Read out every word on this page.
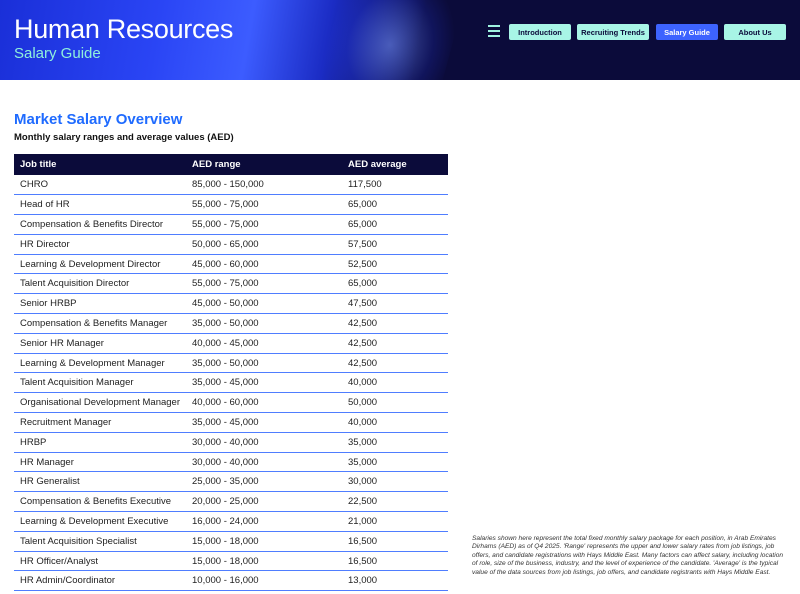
Human Resources
Salary Guide
Introduction	Recruiting Trends	Salary Guide	About Us
Market Salary Overview
Monthly salary ranges and average values (AED)
Job title	AED range	AED average
CHRO	85,000 - 150,000	117,500
Head of HR	55,000 - 75,000	65,000
Compensation & Benefits Director	55,000 - 75,000	65,000
HR Director	50,000 - 65,000	57,500
Learning & Development Director	45,000 - 60,000	52,500
Talent Acquisition Director	55,000 - 75,000	65,000
Senior HRBP	45,000 - 50,000	47,500
Compensation & Benefits Manager	35,000 - 50,000	42,500
Senior HR Manager	40,000 - 45,000	42,500
Learning & Development Manager	35,000 - 50,000	42,500
Talent Acquisition Manager	35,000 - 45,000	40,000
Organisational Development Manager	40,000 - 60,000	50,000
Recruitment Manager	35,000 - 45,000	40,000
HRBP	30,000 - 40,000	35,000
HR Manager	30,000 - 40,000	35,000
HR Generalist	25,000 - 35,000	30,000
Compensation & Benefits Executive	20,000 - 25,000	22,500
Learning & Development Executive	16,000 - 24,000	21,000
Talent Acquisition Specialist	15,000 - 18,000	16,500
HR Officer/Analyst	15,000 - 18,000	16,500
HR Admin/Coordinator	10,000 - 16,000	13,000
Salaries shown here represent the total fixed monthly salary package for each position, in Arab Emirates Dirhams (AED) as of Q4 2025. 'Range' represents the upper and lower salary rates from job listings, job offers, and candidate registrations with Hays Middle East. Many factors can affect salary, including location of role, size of the business, industry, and the level of experience of the candidate. 'Average' is the typical value of the data sources from job listings, job offers, and candidate registrants with Hays Middle East.
